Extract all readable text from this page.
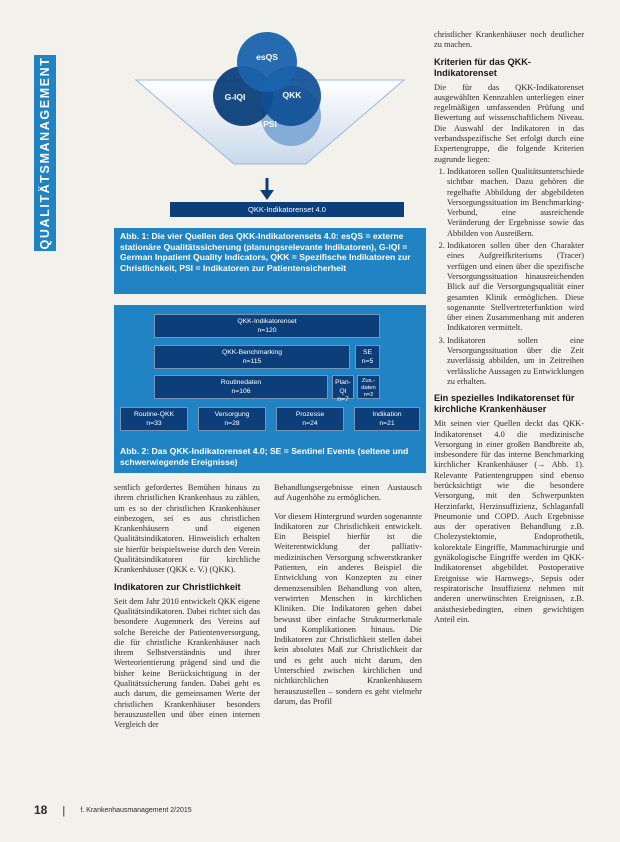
QUALITÄTSMANAGEMENT	esQS
G-IQI	QKK
PSI
QKK-Indikatorenset 4.0
Abb. 1: Die vier Quellen des QKK-Indikatorensets 4.0: esQS = externe stationäre Qualitätssicherung (planungsrelevante Indikatoren), G-IQI = German Inpatient Quality Indicators, QKK = Spezifische Indikatoren zur Christlichkeit, PSI = Indikatoren zur Patientensicherheit
QKK-Indikatorenset
n=120
QKK-Benchmarking
n=115
SE
n=5
Routinedaten
n=106
Plan-QI
n=7
Zus.-daten
n=2
Routine-QKK
n=33
Versorgung
n=28
Prozesse
n=24
Indikation
n=21
Abb. 2: Das QKK-Indikatorenset 4.0; SE = Sentinel Events (seltene und schwerwiegende Ereignisse)

sentlich gefordertes Bemühen hinaus zu ihrem christlichen Krankenhaus zu zählen, um es so der christlichen Krankenhäuser einbezogen, sei es aus christlichen Krankenhäusern und eigenen Qualitätsindikatoren. Hinweislich erhalten sie hierfür beispielsweise durch den Verein Qualitätsindikatoren für kirchliche Krankenhäuser (QKK e. V.) (QKK).

Indikatoren zur Christlichkeit

Seit dem Jahr 2010 entwickelt QKK eigene Qualitätsindikatoren. Dabei richtet sich das besondere Augenmerk des Vereins auf solche Bereiche der Patientenversorgung, die für christliche Krankenhäuser nach ihrem Selbstverständnis und ihrer Werteorientierung prägend sind und die bisher keine Berücksichtigung in der Qualitätssicherung fanden. Dabei geht es auch darum, die gemeinsamen Werte der christlichen Krankenhäuser besonders herauszustellen und über einen internen Vergleich der

Behandlungsergebnisse einen Austausch auf Augenhöhe zu ermöglichen.

Vor diesem Hintergrund wurden sogenannte Indikatoren zur Christlichkeit entwickelt. Ein Beispiel hierfür ist die Weiterentwicklung der palliativ-medizinischen Versorgung schwerstkranker Patienten, ein anderes Beispiel die Entwicklung von Konzepten zu einer demenzsensiblen Behandlung von alten, verwirrten Menschen in kirchlichen Kliniken. Die Indikatoren gehen dabei bewusst über einfache Strukturmerkmale und Komplikationen hinaus. Die Indikatoren zur Christlichkeit stellen dabei kein absolutes Maß zur Christlichkeit dar und es geht auch nicht darum, den Unterschied zwischen kirchlichen und nichtkirchlichen Krankenhäusern herauszustellen – sondern es geht vielmehr darum, das Profil

christlicher Krankenhäuser noch deutlicher zu machen.

Kriterien für das QKK-Indikatorenset

Die für das QKK-Indikatorenset ausgewählten Kennzahlen unterliegen einer regelmäßigen umfassenden Prüfung und Bewertung auf wissenschaftlichem Niveau. Die Auswahl der Indikatoren in das verbandsspezifische Set erfolgt durch eine Expertengruppe, die folgende Kriterien zugrunde liegen:

1. Indikatoren sollen Qualitätsunterschiede sichtbar machen. Dazu gehören die regelhafte Abbildung der abgebildeten Versorgungssituation im Benchmarking-Verbund, eine ausreichende Veränderung der Ergebnisse sowie das Abbilden von Ausreißern.
2. Indikatoren sollen über den Charakter eines Aufgreifkriteriums (Tracer) verfügen und einen über die spezifische Versorgungssituation hinausreichenden Blick auf die Versorgungsqualität einer gesamten Klinik ermöglichen. Diese sogenannte Stellvertreterfunktion wird über einen Zusammenhang mit anderen Indikatoren vermittelt.
3. Indikatoren sollen eine Versorgungssituation über die Zeit zuverlässig abbilden, um in Zeitreihen verlässliche Aussagen zu Entwicklungen zu erhalten.
Ein spezielles Indikatorenset für kirchliche Krankenhäuser

Mit seinen vier Quellen deckt das QKK-Indikatorenset 4.0 die medizinische Versorgung in einer großen Bandbreite ab, insbesondere für das interne Benchmarking kirchlicher Krankenhäuser (→ Abb. 1). Relevante Patientengruppen sind ebenso berücksichtigt wie die besondere Versorgung, mit den Schwerpunkten Herzinfarkt, Herzinsuffizienz, Schlaganfall Pneumonie und COPD. Auch Ergebnisse aus der operativen Behandlung z.B. Cholezystektomie, Endoprothetik, kolorektale Eingriffe, Mammachirurgie und gynäkologische Eingriffe werden im QKK-Indikatorenset abgebildet. Postoperative Ereignisse wie Harnwegs-, Sepsis oder respiratorische Insuffizienz nehmen mit anderen unerwünschten Ereignissen, z.B. anästhesiebedingten, einen gewichtigen Anteil ein.

18 | f. Krankenhausmanagement 2/2015
